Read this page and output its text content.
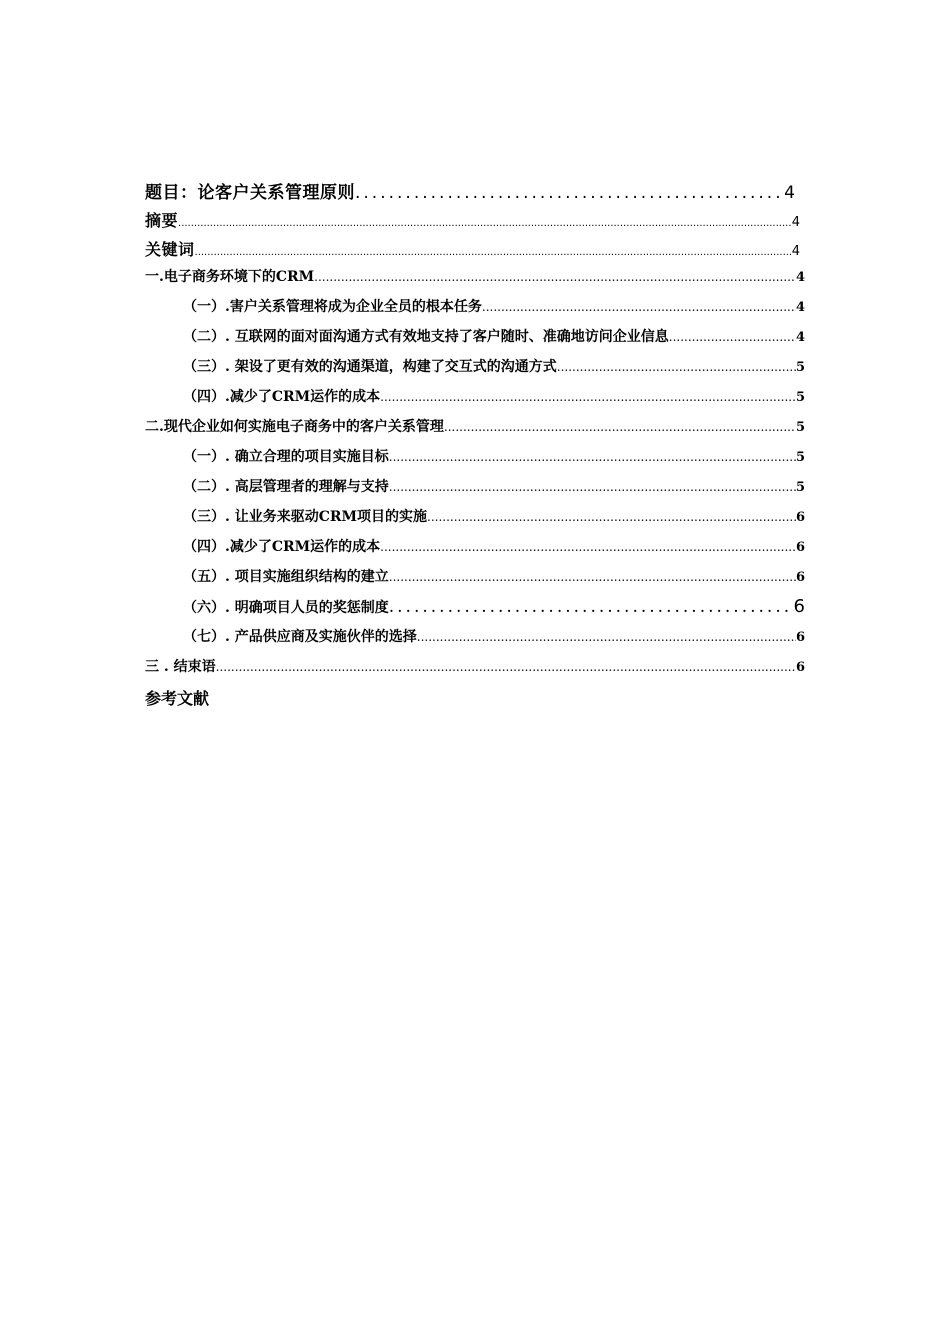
题目：论客户关系管理原则 .....	4
摘要 .....	4
关键词 .....	4
一.电子商务环境下的CRM .....	4
（一）.害户关系管理将成为企业全员的根本任务 .....	4
（二）. 互联网的面对面沟通方式有效地支持了客户随时、准确地访问企业信息 .....	4
（三）. 架设了更有效的沟通渠道，构建了交互式的沟通方式 .....	5
（四）.减少了CRM运作的成本 .....	5
二.现代企业如何实施电子商务中的客户关系管理 .....	5
（一）. 确立合理的项目实施目标 .....	5
（二）. 高层管理者的理解与支持 .....	5
（三）. 让业务来驱动CRM项目的实施 .....	6
（四）.减少了CRM运作的成本 .....	6
（五）. 项目实施组织结构的建立 .....	6
（六）. 明确项目人员的奖惩制度 .....	6
（七）. 产品供应商及实施伙伴的选择 .....	6
三 . 结束语 .....	6
参考文献
